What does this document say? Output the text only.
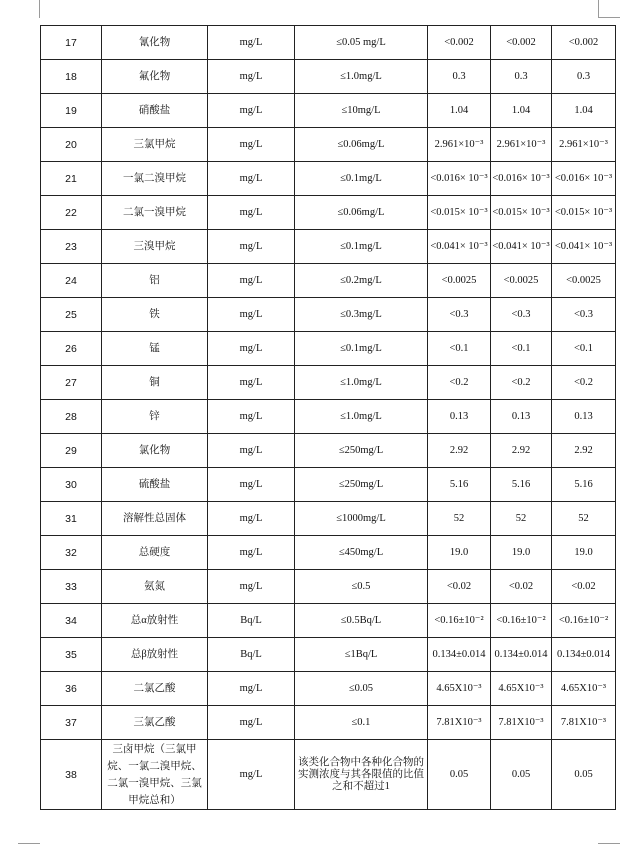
17	氰化物	mg/L	≤0.05 mg/L	<0.002	<0.002	<0.002
18	氟化物	mg/L	≤1.0mg/L	0.3	0.3	0.3
19	硝酸盐	mg/L	≤10mg/L	1.04	1.04	1.04
20	三氯甲烷	mg/L	≤0.06mg/L	2.961×10⁻³	2.961×10⁻³	2.961×10⁻³
21	一氯二溴甲烷	mg/L	≤0.1mg/L	<0.016× 10⁻³	<0.016× 10⁻³	<0.016× 10⁻³
22	二氯一溴甲烷	mg/L	≤0.06mg/L	<0.015× 10⁻³	<0.015× 10⁻³	<0.015× 10⁻³
23	三溴甲烷	mg/L	≤0.1mg/L	<0.041× 10⁻³	<0.041× 10⁻³	<0.041× 10⁻³
24	铝	mg/L	≤0.2mg/L	<0.0025	<0.0025	<0.0025
25	铁	mg/L	≤0.3mg/L	<0.3	<0.3	<0.3
26	锰	mg/L	≤0.1mg/L	<0.1	<0.1	<0.1
27	铜	mg/L	≤1.0mg/L	<0.2	<0.2	<0.2
28	锌	mg/L	≤1.0mg/L	0.13	0.13	0.13
29	氯化物	mg/L	≤250mg/L	2.92	2.92	2.92
30	硫酸盐	mg/L	≤250mg/L	5.16	5.16	5.16
31	溶解性总固体	mg/L	≤1000mg/L	52	52	52
32	总硬度	mg/L	≤450mg/L	19.0	19.0	19.0
33	氨氮	mg/L	≤0.5	<0.02	<0.02	<0.02
34	总α放射性	Bq/L	≤0.5Bq/L	<0.16±10⁻²	<0.16±10⁻²	<0.16±10⁻²
35	总β放射性	Bq/L	≤1Bq/L	0.134±0.014	0.134±0.014	0.134±0.014
36	二氯乙酸	mg/L	≤0.05	4.65X10⁻³	4.65X10⁻³	4.65X10⁻³
37	三氯乙酸	mg/L	≤0.1	7.81X10⁻³	7.81X10⁻³	7.81X10⁻³
38	三卤甲烷（三氯甲烷、一氯二溴甲烷、二氯一溴甲烷、三氯甲烷总和）	mg/L	该类化合物中各种化合物的实测浓度与其各限值的比值之和不超过1	0.05	0.05	0.05
